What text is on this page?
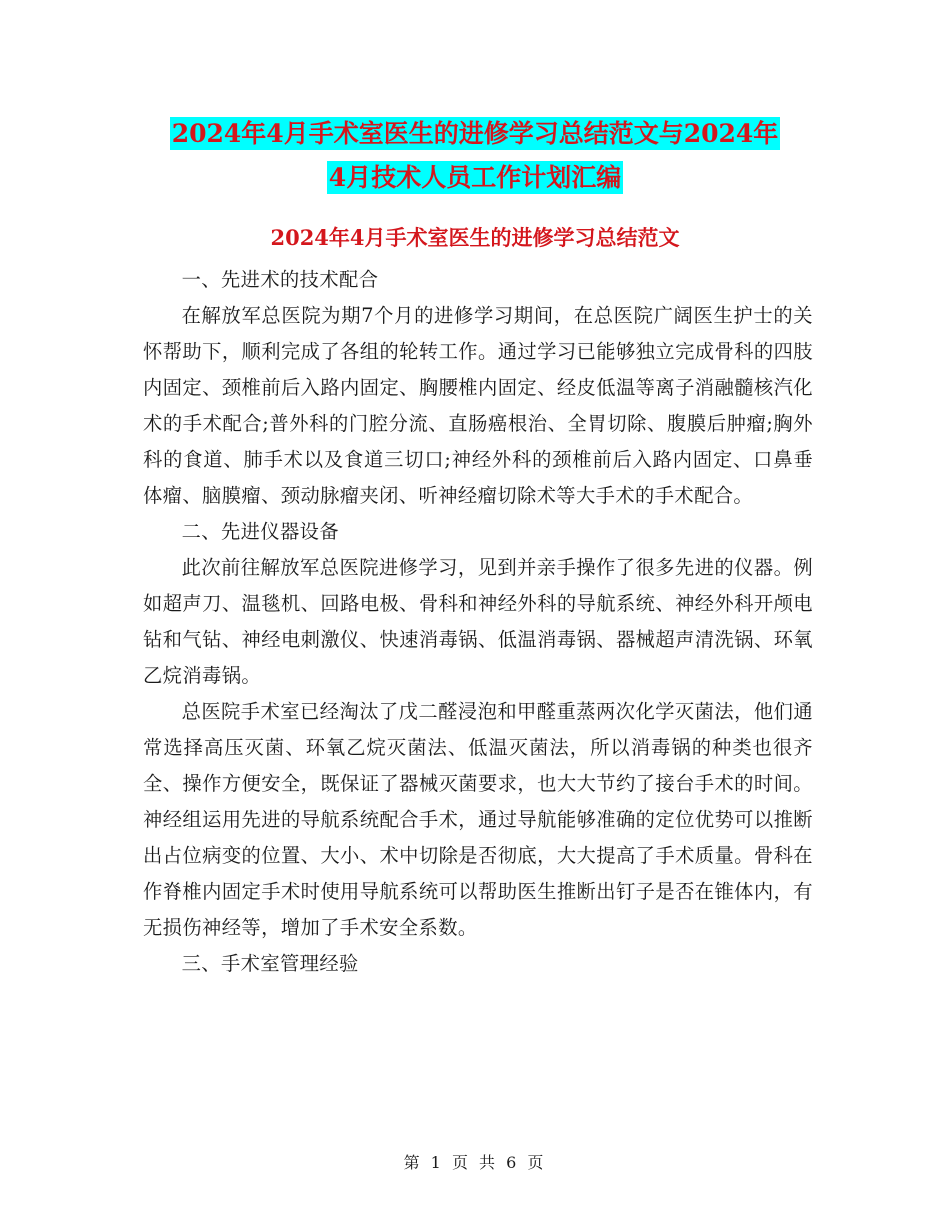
2024年4月手术室医生的进修学习总结范文与2024年
4月技术人员工作计划汇编
2024年4月手术室医生的进修学习总结范文

一、先进术的技术配合

在解放军总医院为期7个月的进修学习期间，在总医院广阔医生护士的关怀帮助下，顺利完成了各组的轮转工作。通过学习已能够独立完成骨科的四肢内固定、颈椎前后入路内固定、胸腰椎内固定、经皮低温等离子消融髓核汽化术的手术配合;普外科的门腔分流、直肠癌根治、全胃切除、腹膜后肿瘤;胸外科的食道、肺手术以及食道三切口;神经外科的颈椎前后入路内固定、口鼻垂体瘤、脑膜瘤、颈动脉瘤夹闭、听神经瘤切除术等大手术的手术配合。

二、先进仪器设备

此次前往解放军总医院进修学习，见到并亲手操作了很多先进的仪器。例如超声刀、温毯机、回路电极、骨科和神经外科的导航系统、神经外科开颅电钻和气钻、神经电刺激仪、快速消毒锅、低温消毒锅、器械超声清洗锅、环氧乙烷消毒锅。

总医院手术室已经淘汰了戊二醛浸泡和甲醛重蒸两次化学灭菌法，他们通常选择高压灭菌、环氧乙烷灭菌法、低温灭菌法，所以消毒锅的种类也很齐全、操作方便安全，既保证了器械灭菌要求，也大大节约了接台手术的时间。神经组运用先进的导航系统配合手术，通过导航能够准确的定位优势可以推断出占位病变的位置、大小、术中切除是否彻底，大大提高了手术质量。骨科在作脊椎内固定手术时使用导航系统可以帮助医生推断出钉子是否在锥体内，有无损伤神经等，增加了手术安全系数。

三、手术室管理经验

第 1 页 共 6 页
